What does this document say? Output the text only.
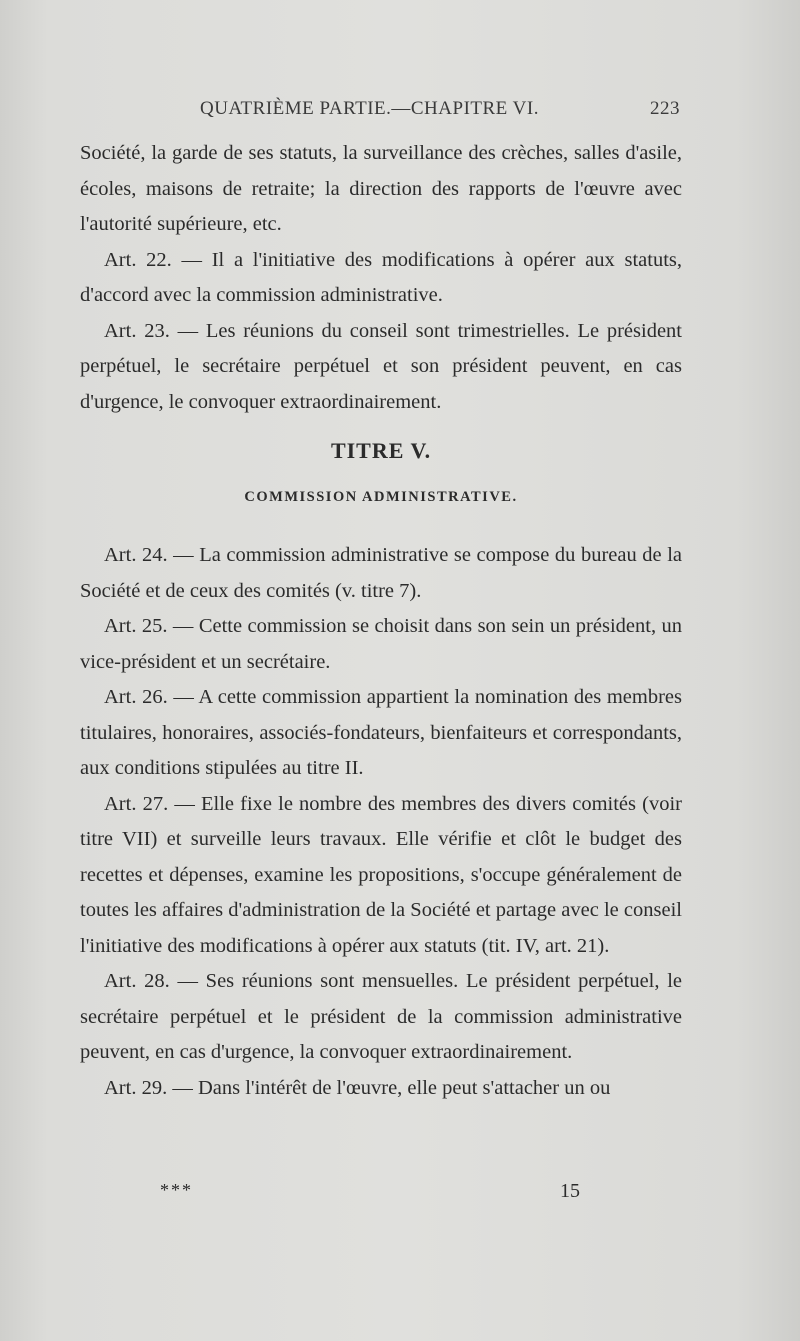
QUATRIÈME PARTIE.—CHAPITRE VI.	223

Société, la garde de ses statuts, la surveillance des crèches, salles d'asile, écoles, maisons de retraite; la direction des rapports de l'œuvre avec l'autorité supérieure, etc.

Art. 22. — Il a l'initiative des modifications à opérer aux statuts, d'accord avec la commission administrative.

Art. 23. — Les réunions du conseil sont trimestrielles. Le président perpétuel, le secrétaire perpétuel et son président peuvent, en cas d'urgence, le convoquer extraordinairement.

TITRE V.
COMMISSION ADMINISTRATIVE.

Art. 24. — La commission administrative se compose du bureau de la Société et de ceux des comités (v. titre 7).

Art. 25. — Cette commission se choisit dans son sein un président, un vice-président et un secrétaire.

Art. 26. — A cette commission appartient la nomination des membres titulaires, honoraires, associés-fondateurs, bienfaiteurs et correspondants, aux conditions stipulées au titre II.

Art. 27. — Elle fixe le nombre des membres des divers comités (voir titre VII) et surveille leurs travaux. Elle vérifie et clôt le budget des recettes et dépenses, examine les propositions, s'occupe généralement de toutes les affaires d'administration de la Société et partage avec le conseil l'initiative des modifications à opérer aux statuts (tit. IV, art. 21).

Art. 28. — Ses réunions sont mensuelles. Le président perpétuel, le secrétaire perpétuel et le président de la commission administrative peuvent, en cas d'urgence, la convoquer extraordinairement.

Art. 29. — Dans l'intérêt de l'œuvre, elle peut s'attacher un ou

***	15
